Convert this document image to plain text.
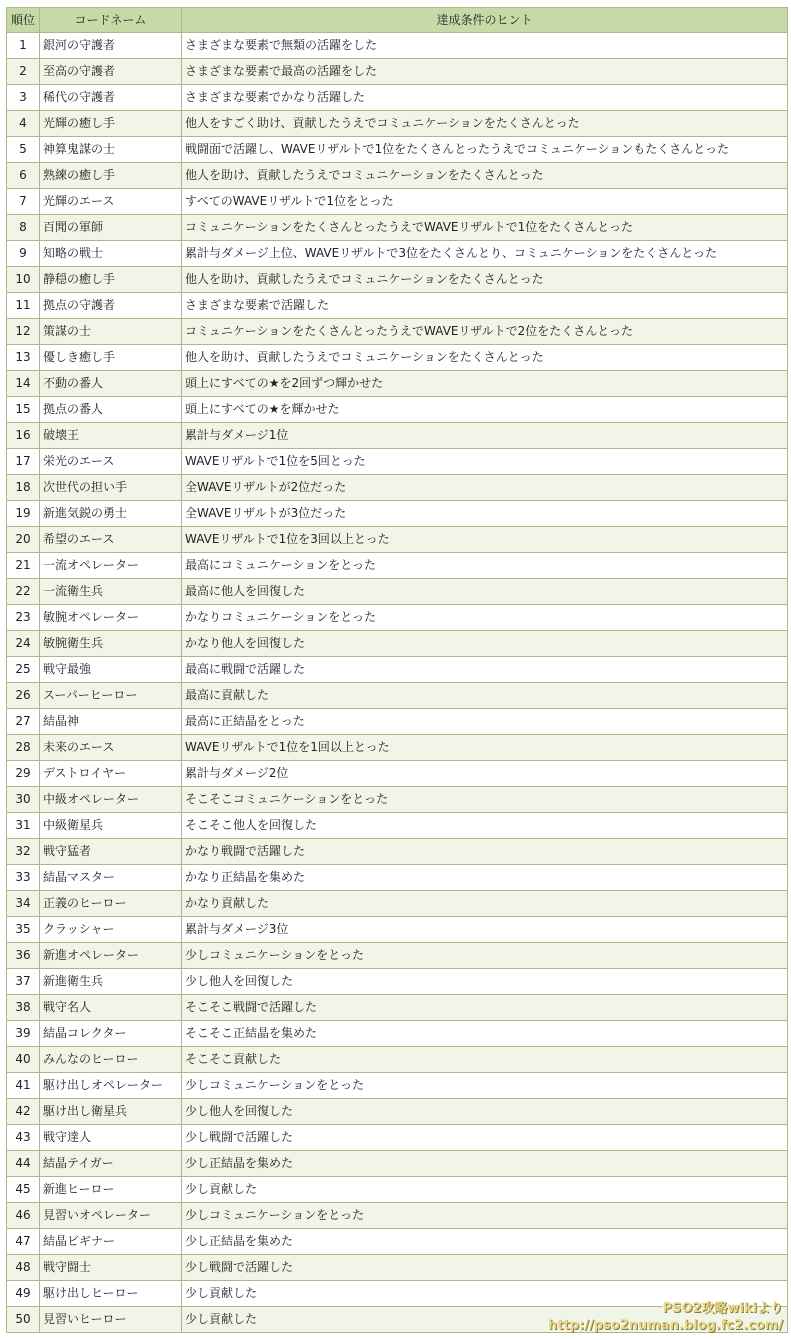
順位	コードネーム	達成条件のヒント
1	銀河の守護者	さまざまな要素で無類の活躍をした
2	至高の守護者	さまざまな要素で最高の活躍をした
3	稀代の守護者	さまざまな要素でかなり活躍した
4	光輝の癒し手	他人をすごく助け、貢献したうえでコミュニケーションをたくさんとった
5	神算鬼謀の士	戦闘面で活躍し、WAVEリザルトで1位をたくさんとったうえでコミュニケーションもたくさんとった
6	熟練の癒し手	他人を助け、貢献したうえでコミュニケーションをたくさんとった
7	光輝のエース	すべてのWAVEリザルトで1位をとった
8	百聞の軍師	コミュニケーションをたくさんとったうえでWAVEリザルトで1位をたくさんとった
9	知略の戦士	累計与ダメージ上位、WAVEリザルトで3位をたくさんとり、コミュニケーションをたくさんとった
10	静穏の癒し手	他人を助け、貢献したうえでコミュニケーションをたくさんとった
11	拠点の守護者	さまざまな要素で活躍した
12	策謀の士	コミュニケーションをたくさんとったうえでWAVEリザルトで2位をたくさんとった
13	優しき癒し手	他人を助け、貢献したうえでコミュニケーションをたくさんとった
14	不動の番人	頭上にすべての★を2回ずつ輝かせた
15	拠点の番人	頭上にすべての★を輝かせた
16	破壊王	累計与ダメージ1位
17	栄光のエース	WAVEリザルトで1位を5回とった
18	次世代の担い手	全WAVEリザルトが2位だった
19	新進気鋭の勇士	全WAVEリザルトが3位だった
20	希望のエース	WAVEリザルトで1位を3回以上とった
21	一流オペレーター	最高にコミュニケーションをとった
22	一流衛生兵	最高に他人を回復した
23	敏腕オペレーター	かなりコミュニケーションをとった
24	敏腕衛生兵	かなり他人を回復した
25	戦守最強	最高に戦闘で活躍した
26	スーパーヒーロー	最高に貢献した
27	結晶神	最高に正結晶をとった
28	未来のエース	WAVEリザルトで1位を1回以上とった
29	デストロイヤー	累計与ダメージ2位
30	中級オペレーター	そこそこコミュニケーションをとった
31	中級衛星兵	そこそこ他人を回復した
32	戦守猛者	かなり戦闘で活躍した
33	結晶マスター	かなり正結晶を集めた
34	正義のヒーロー	かなり貢献した
35	クラッシャー	累計与ダメージ3位
36	新進オペレーター	少しコミュニケーションをとった
37	新進衛生兵	少し他人を回復した
38	戦守名人	そこそこ戦闘で活躍した
39	結晶コレクター	そこそこ正結晶を集めた
40	みんなのヒーロー	そこそこ貢献した
41	駆け出しオペレーター	少しコミュニケーションをとった
42	駆け出し衛星兵	少し他人を回復した
43	戦守達人	少し戦闘で活躍した
44	結晶テイガー	少し正結晶を集めた
45	新進ヒーロー	少し貢献した
46	見習いオペレーター	少しコミュニケーションをとった
47	結晶ビギナー	少し正結晶を集めた
48	戦守闘士	少し戦闘で活躍した
49	駆け出しヒーロー	少し貢献した
50	見習いヒーロー	少し貢献した
PSO2攻略wikiより
http://pso2numan.blog.fc2.com/
